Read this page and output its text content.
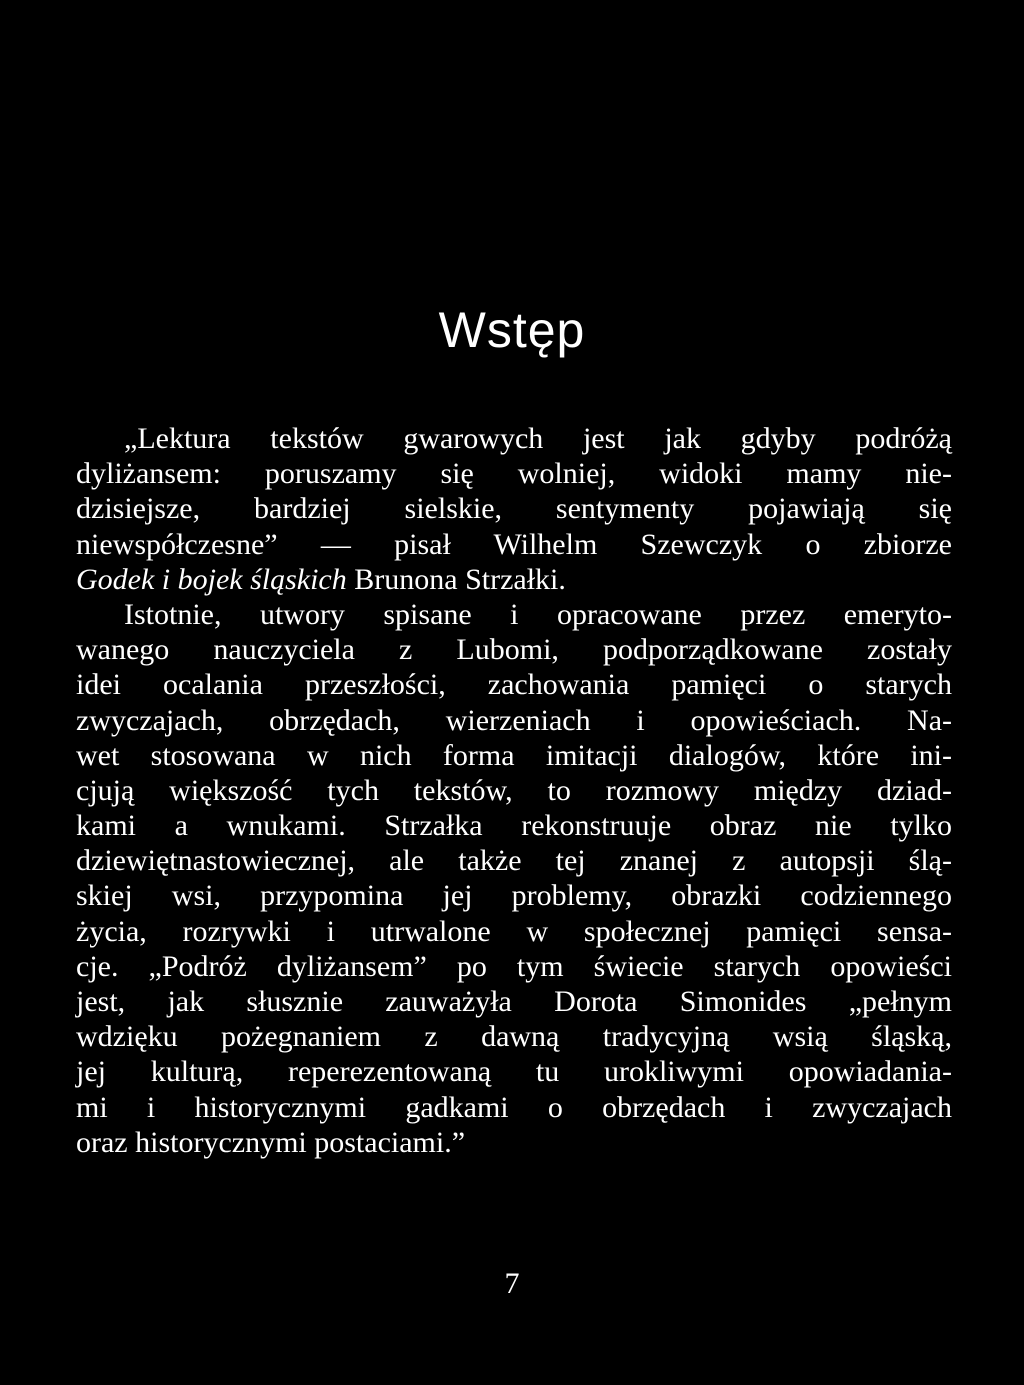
Wstęp
„Lektura tekstów gwarowych jest jak gdyby podróżą
dyliżansem: poruszamy się wolniej, widoki mamy nie-
dzisiejsze, bardziej sielskie, sentymenty pojawiają się
niewspółczesne” — pisał Wilhelm Szewczyk o zbiorze
Godek i bojek śląskich Brunona Strzałki.
Istotnie, utwory spisane i opracowane przez emeryto-
wanego nauczyciela z Lubomi, podporządkowane zostały
idei ocalania przeszłości, zachowania pamięci o starych
zwyczajach, obrzędach, wierzeniach i opowieściach. Na-
wet stosowana w nich forma imitacji dialogów, które ini-
cjują większość tych tekstów, to rozmowy między dziad-
kami a wnukami. Strzałka rekonstruuje obraz nie tylko
dziewiętnastowiecznej, ale także tej znanej z autopsji ślą-
skiej wsi, przypomina jej problemy, obrazki codziennego
życia, rozrywki i utrwalone w społecznej pamięci sensa-
cje. „Podróż dyliżansem” po tym świecie starych opowieści
jest, jak słusznie zauważyła Dorota Simonides „pełnym
wdzięku pożegnaniem z dawną tradycyjną wsią śląską,
jej kulturą, reperezentowaną tu urokliwymi opowiadania-
mi i historycznymi gadkami o obrzędach i zwyczajach
oraz historycznymi postaciami.”
7
